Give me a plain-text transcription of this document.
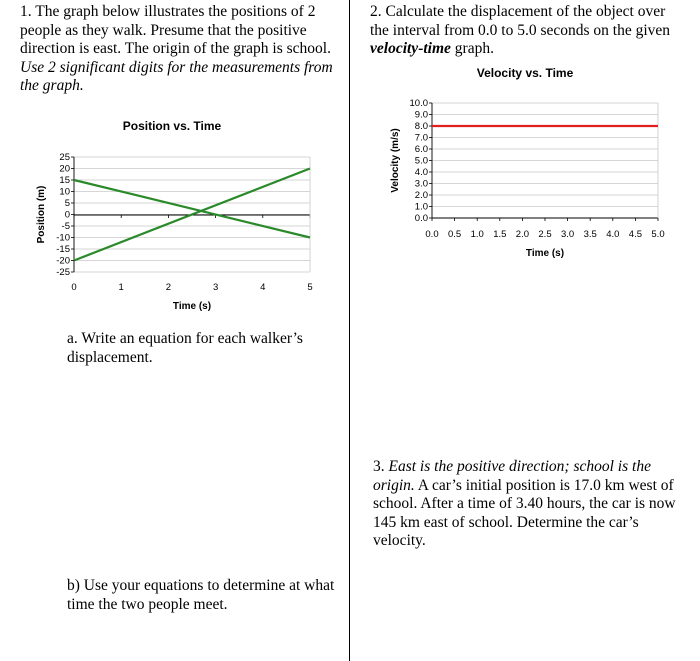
1. The graph below illustrates the positions of 2 people as they walk. Presume that the positive direction is east. The origin of the graph is school. Use 2 significant digits for the measurements from the graph.

2. Calculate the displacement of the object over the interval from 0.0 to 5.0 seconds on the given velocity-time graph.

a. Write an equation for each walker’s displacement.

b) Use your equations to determine at what time the two people meet.

3. East is the positive direction; school is the origin. A car’s initial position is 17.0 km west of school. After a time of 3.40 hours, the car is now 145 km east of school. Determine the car’s velocity.

Position vs. Time
25
20
15
10
5
0
-5
-10
-15
-20
-25
0	1	2	3	4	5
Time (s)
Position (m)
Velocity vs. Time
10.0
9.0
8.0
7.0
6.0
5.0
4.0
3.0
2.0
1.0
0.0
0.0 0.5 1.0 1.5 2.0 2.5 3.0 3.5 4.0 4.5 5.0
Time (s)
Velocity (m/s)
